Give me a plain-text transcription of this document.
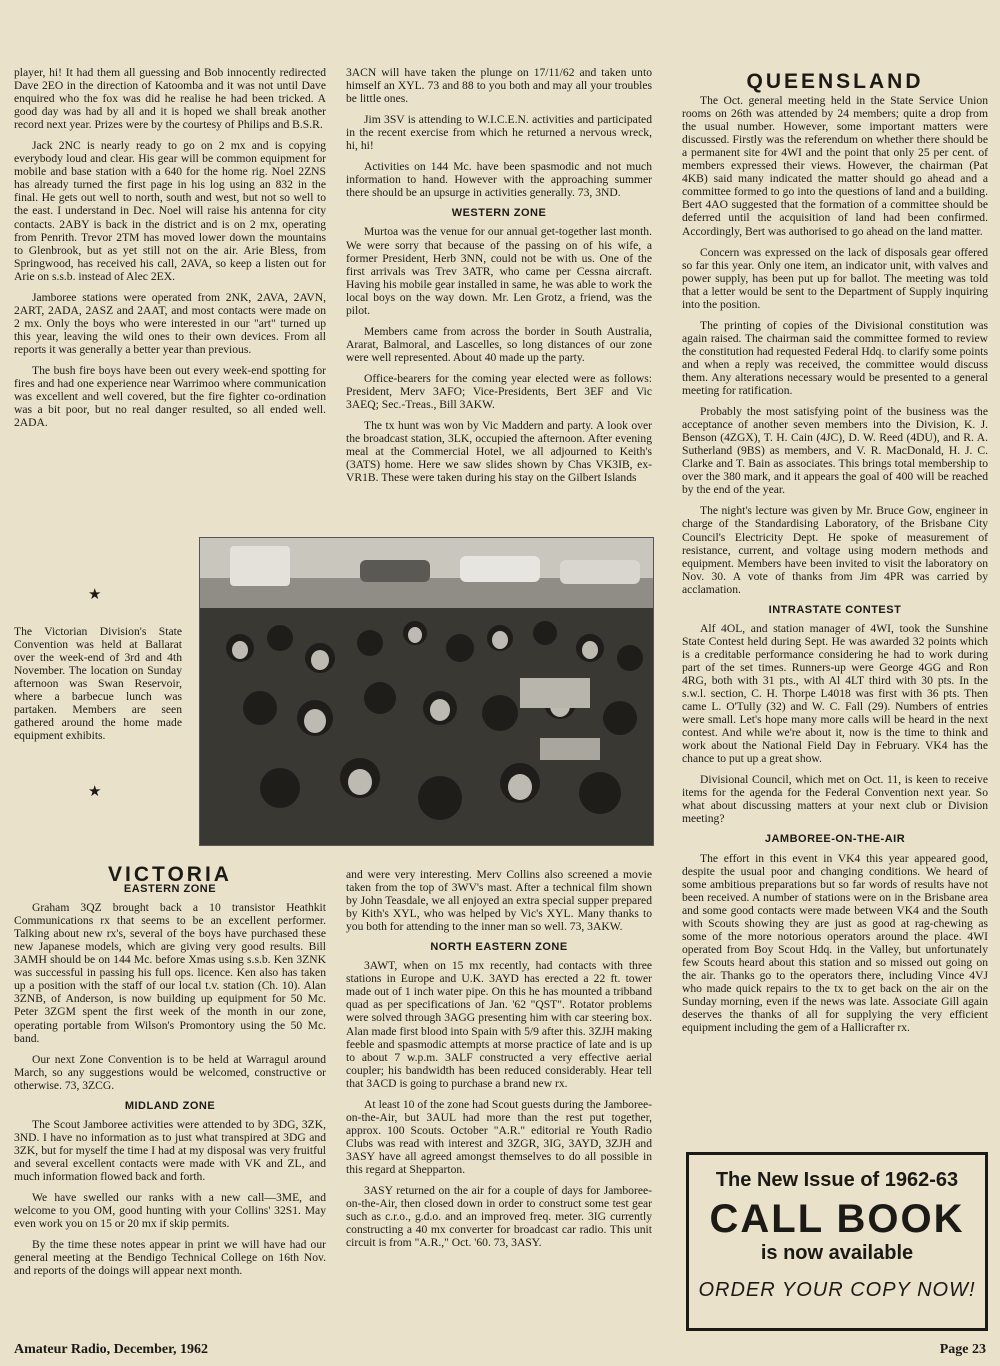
player, hi! It had them all guessing and Bob innocently redirected Dave 2EO in the direction of Katoomba and it was not until Dave enquired who the fox was did he realise he had been tricked. A good day was had by all and it is hoped we shall break another record next year. Prizes were by the courtesy of Philips and B.S.R.

Jack 2NC is nearly ready to go on 2 mx and is copying everybody loud and clear. His gear will be common equipment for mobile and base station with a 640 for the home rig. Noel 2ZNS has already turned the first page in his log using an 832 in the final. He gets out well to north, south and west, but not so well to the east. I understand in Dec. Noel will raise his antenna for city contacts. 2ABY is back in the district and is on 2 mx, operating from Penrith. Trevor 2TM has moved lower down the mountains to Glenbrook, but as yet still not on the air. Arie Bless, from Springwood, has received his call, 2AVA, so keep a listen out for Arie on s.s.b. instead of Alec 2EX.

Jamboree stations were operated from 2NK, 2AVA, 2AVN, 2ART, 2ADA, 2ASZ and 2AAT, and most contacts were made on 2 mx. Only the boys who were interested in our "art" turned up this year, leaving the wild ones to their own devices. From all reports it was generally a better year than previous.

The bush fire boys have been out every week-end spotting for fires and had one experience near Warrimoo where communication was excellent and well covered, but the fire fighter co-ordination was a bit poor, but no real danger resulted, so all ended well. 2ADA.

3ACN will have taken the plunge on 17/11/62 and taken unto himself an XYL. 73 and 88 to you both and may all your troubles be little ones.

Jim 3SV is attending to W.I.C.E.N. activities and participated in the recent exercise from which he returned a nervous wreck, hi, hi!

Activities on 144 Mc. have been spasmodic and not much information to hand. However with the approaching summer there should be an upsurge in activities generally. 73, 3ND.

WESTERN ZONE

Murtoa was the venue for our annual get-together last month. We were sorry that because of the passing on of his wife, a former President, Herb 3NN, could not be with us. One of the first arrivals was Trev 3ATR, who came per Cessna aircraft. Having his mobile gear installed in same, he was able to work the local boys on the way down. Mr. Len Grotz, a friend, was the pilot.

Members came from across the border in South Australia, Ararat, Balmoral, and Lascelles, so long distances of our zone were well represented. About 40 made up the party.

Office-bearers for the coming year elected were as follows: President, Merv 3AFO; Vice-Presidents, Bert 3EF and Vic 3AEQ; Sec.-Treas., Bill 3AKW.

The tx hunt was won by Vic Maddern and party. A look over the broadcast station, 3LK, occupied the afternoon. After evening meal at the Commercial Hotel, we all adjourned to Keith's (3ATS) home. Here we saw slides shown by Chas VK3IB, ex-VR1B. These were taken during his stay on the Gilbert Islands

QUEENSLAND

The Oct. general meeting held in the State Service Union rooms on 26th was attended by 24 members; quite a drop from the usual number. However, some important matters were discussed. Firstly was the referendum on whether there should be a permanent site for 4WI and the point that only 25 per cent. of members expressed their views. However, the chairman (Pat 4KB) said many indicated the matter should go ahead and a committee formed to go into the questions of land and a building. Bert 4AO suggested that the formation of a committee should be deferred until the acquisition of land had been confirmed. Accordingly, Bert was authorised to go ahead on the land matter.

Concern was expressed on the lack of disposals gear offered so far this year. Only one item, an indicator unit, with valves and power supply, has been put up for ballot. The meeting was told that a letter would be sent to the Department of Supply inquiring into the position.

The printing of copies of the Divisional constitution was again raised. The chairman said the committee formed to review the constitution had requested Federal Hdq. to clarify some points and when a reply was received, the committee would discuss them. Any alterations necessary would be presented to a general meeting for ratification.

Probably the most satisfying point of the business was the acceptance of another seven members into the Division, K. J. Benson (4ZGX), T. H. Cain (4JC), D. W. Reed (4DU), and R. A. Sutherland (9BS) as members, and V. R. MacDonald, H. J. C. Clarke and T. Bain as associates. This brings total membership to over the 380 mark, and it appears the goal of 400 will be reached by the end of the year.

The night's lecture was given by Mr. Bruce Gow, engineer in charge of the Standardising Laboratory, of the Brisbane City Council's Electricity Dept. He spoke of measurement of resistance, current, and voltage using modern methods and equipment. Members have been invited to visit the laboratory on Nov. 30. A vote of thanks from Jim 4PR was carried by acclamation.

INTRASTATE CONTEST

Alf 4OL, and station manager of 4WI, took the Sunshine State Contest held during Sept. He was awarded 32 points which is a creditable performance considering he had to work during part of the set times. Runners-up were George 4GG and Ron 4RG, both with 31 pts., with Al 4LT third with 30 pts. In the s.w.l. section, C. H. Thorpe L4018 was first with 36 pts. Then came L. O'Tully (32) and W. C. Fall (29). Numbers of entries were small. Let's hope many more calls will be heard in the next contest. And while we're about it, now is the time to think and work about the National Field Day in February. VK4 has the chance to put up a great show.

Divisional Council, which met on Oct. 11, is keen to receive items for the agenda for the Federal Convention next year. So what about discussing matters at your next club or Division meeting?

JAMBOREE-ON-THE-AIR

The effort in this event in VK4 this year appeared good, despite the usual poor and changing conditions. We heard of some ambitious preparations but so far words of results have not been received. A number of stations were on in the Brisbane area and some good contacts were made between VK4 and the South with Scouts showing they are just as good at rag-chewing as some of the more notorious operators around the place. 4WI operated from Boy Scout Hdq. in the Valley, but unfortunately few Scouts heard about this station and so missed out going on the air. Thanks go to the operators there, including Vince 4VJ who made quick repairs to the tx to get back on the air on the Sunday morning, even if the news was late. Associate Gill again deserves the thanks of all for supplying the very efficient equipment including the gem of a Hallicrafter rx.

★
The Victorian Division's State Convention was held at Ballarat over the week-end of 3rd and 4th November. The location on Sunday afternoon was Swan Reservoir, where a barbecue lunch was partaken. Members are seen gathered around the home made equipment exhibits.
★
VICTORIA
EASTERN ZONE

Graham 3QZ brought back a 10 transistor Heathkit Communications rx that seems to be an excellent performer. Talking about new rx's, several of the boys have purchased these new Japanese models, which are giving very good results. Bill 3AMH should be on 144 Mc. before Xmas using s.s.b. Ken 3ZNK was successful in passing his full ops. licence. Ken also has taken up a position with the staff of our local t.v. station (Ch. 10). Alan 3ZNB, of Anderson, is now building up equipment for 50 Mc. Peter 3ZGM spent the first week of the month in our zone, operating portable from Wilson's Promontory using the 50 Mc. band.

Our next Zone Convention is to be held at Warragul around March, so any suggestions would be welcomed, constructive or otherwise. 73, 3ZCG.

MIDLAND ZONE

The Scout Jamboree activities were attended to by 3DG, 3ZK, 3ND. I have no information as to just what transpired at 3DG and 3ZK, but for myself the time I had at my disposal was very fruitful and several excellent contacts were made with VK and ZL, and much information flowed back and forth.

We have swelled our ranks with a new call—3ME, and welcome to you OM, good hunting with your Collins' 32S1. May even work you on 15 or 20 mx if skip permits.

By the time these notes appear in print we will have had our general meeting at the Bendigo Technical College on 16th Nov. and reports of the doings will appear next month.

and were very interesting. Merv Collins also screened a movie taken from the top of 3WV's mast. After a technical film shown by John Teasdale, we all enjoyed an extra special supper prepared by Kith's XYL, who was helped by Vic's XYL. Many thanks to you both for attending to the inner man so well. 73, 3AKW.

NORTH EASTERN ZONE

3AWT, when on 15 mx recently, had contacts with three stations in Europe and U.K. 3AYD has erected a 22 ft. tower made out of 1 inch water pipe. On this he has mounted a tribband quad as per specifications of Jan. '62 "QST". Rotator problems were solved through 3AGG presenting him with car steering box. Alan made first blood into Spain with 5/9 after this. 3ZJH making feeble and spasmodic attempts at morse practice of late and is up to about 7 w.p.m. 3ALF constructed a very effective aerial coupler; his bandwidth has been reduced considerably. Hear tell that 3ACD is going to purchase a brand new rx.

At least 10 of the zone had Scout guests during the Jamboree-on-the-Air, but 3AUL had more than the rest put together, approx. 100 Scouts. October "A.R." editorial re Youth Radio Clubs was read with interest and 3ZGR, 3IG, 3AYD, 3ZJH and 3ASY have all agreed amongst themselves to do all possible in this regard at Shepparton.

3ASY returned on the air for a couple of days for Jamboree-on-the-Air, then closed down in order to construct some test gear such as c.r.o., g.d.o. and an improved freq. meter. 3IG currently constructing a 40 mx converter for broadcast car radio. This unit circuit is from "A.R.," Oct. '60. 73, 3ASY.

The New Issue of 1962-63
CALL BOOK
is now available
ORDER YOUR COPY NOW!
Amateur Radio, December, 1962	Page 23
